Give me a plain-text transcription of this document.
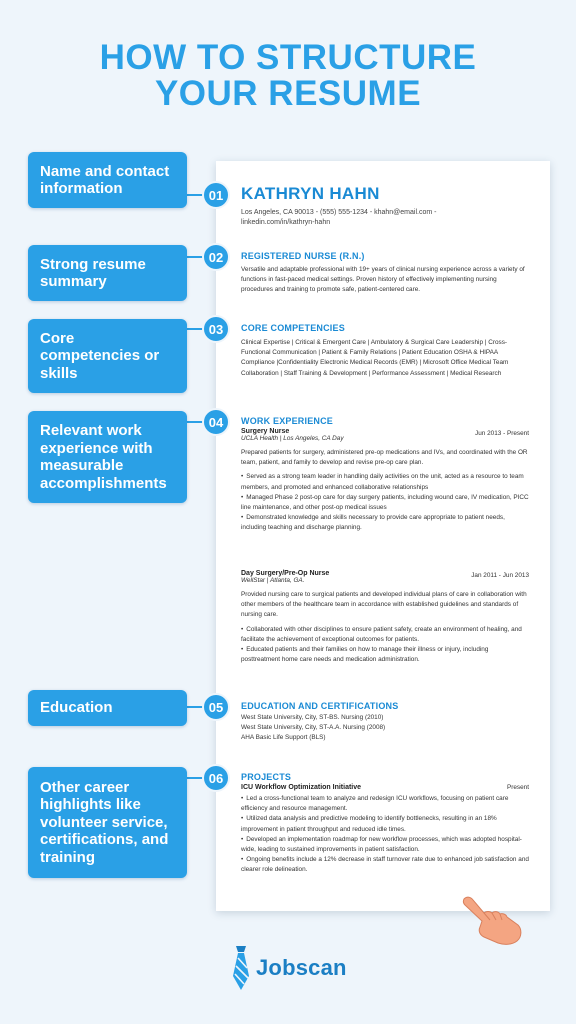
HOW TO STRUCTURE
YOUR RESUME
Name and contact information
Strong resume summary
Core competencies or skills
Relevant work experience with measurable accomplishments
Education
Other career highlights like volunteer service, certifications, and training
01
02
03
04
05
06
KATHRYN HAHN
Los Angeles, CA 90013 - (555) 555-1234 - khahn@email.com -
linkedin.com/in/kathryn-hahn
REGISTERED NURSE (R.N.)
Versatile and adaptable professional with 19+ years of clinical nursing experience across a variety of functions in fast-paced medical settings. Proven history of effectively implementing nursing procedures and training to promote safe, patient-centered care.
CORE COMPETENCIES
Clinical Expertise | Critical & Emergent Care | Ambulatory & Surgical Care Leadership | Cross-Functional Communication | Patient & Family Relations | Patient Education OSHA & HIPAA Compliance |Confidentiality Electronic Medical Records (EMR) | Microsoft Office Medical Team Collaboration | Staff Training & Development | Performance Assessment | Medical Research
WORK EXPERIENCE
Surgery Nurse	Jun 2013 - Present
UCLA Health | Los Angeles, CA Day
Prepared patients for surgery, administered pre-op medications and IVs, and coordinated with the OR team, patient, and family to develop and revise pre-op care plan.
• Served as a strong team leader in handling daily activities on the unit, acted as a resource to team members, and promoted and enhanced collaborative relationships
• Managed Phase 2 post-op care for day surgery patients, including wound care, IV medication, PICC line maintenance, and other post-op medical issues
• Demonstrated knowledge and skills necessary to provide care appropriate to patient needs, including teaching and discharge planning.
Day Surgery/Pre-Op Nurse	Jan 2011 - Jun 2013
WellStar | Atlanta, GA.
Provided nursing care to surgical patients and developed individual plans of care in collaboration with other members of the healthcare team in accordance with established guidelines and standards of nursing care.
• Collaborated with other disciplines to ensure patient safety, create an environment of healing, and facilitate the achievement of exceptional outcomes for patients.
• Educated patients and their families on how to manage their illness or injury, including posttreatment home care needs and medication administration.
EDUCATION AND CERTIFICATIONS
West State University, City, ST-BS. Nursing (2010)
West State University, City, ST-A.A. Nursing (2008)
AHA Basic Life Support (BLS)
PROJECTS
ICU Workflow Optimization Initiative	Present
• Led a cross-functional team to analyze and redesign ICU workflows, focusing on patient care efficiency and resource management.
• Utilized data analysis and predictive modeling to identify bottlenecks, resulting in an 18% improvement in patient throughput and reduced idle times.
• Developed an implementation roadmap for new workflow processes, which was adopted hospital-wide, leading to sustained improvements in patient satisfaction.
• Ongoing benefits include a 12% decrease in staff turnover rate due to enhanced job satisfaction and clearer role delineation.
Jobscan
